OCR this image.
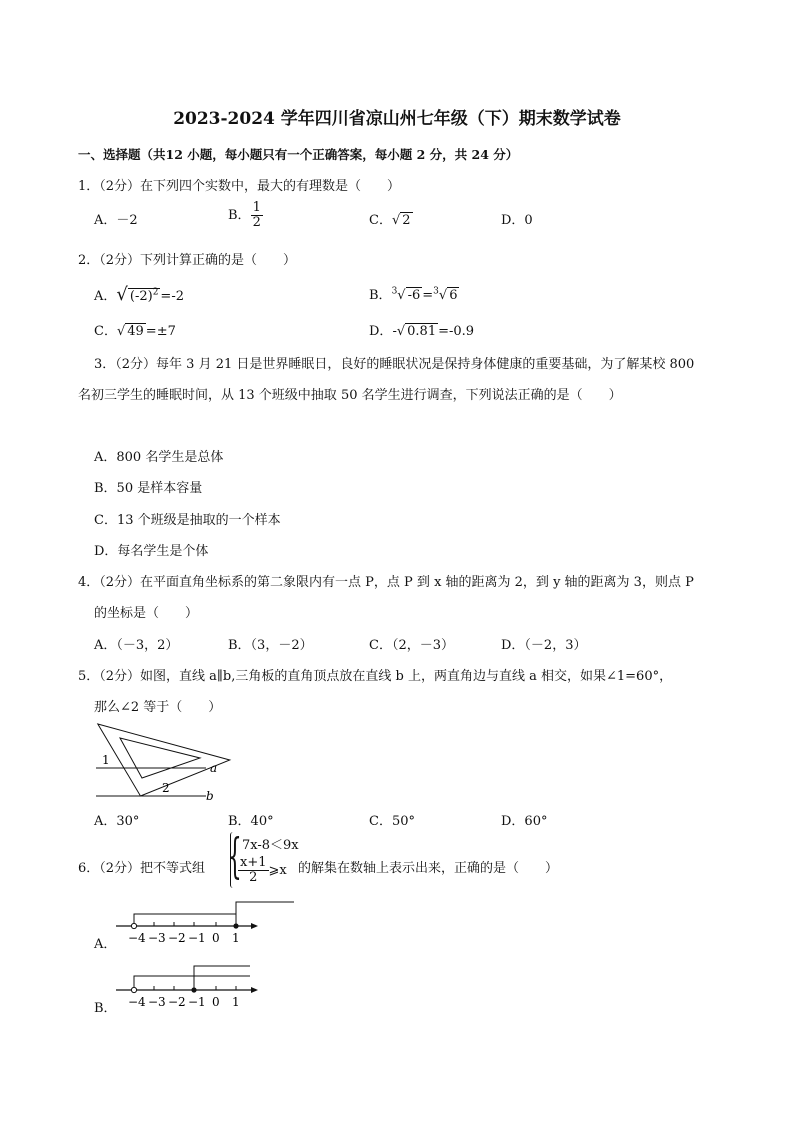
2023-2024 学年四川省凉山州七年级（下）期末数学试卷
一、选择题（共12 小题，每小题只有一个正确答案，每小题 2 分，共 24 分）
1．（2分）在下列四个实数中，最大的有理数是（　　）
A．－2	B． $\frac{1}{2}$	C．√ 2	D．0
2．（2分）下列计算正确的是（　　）
A．√ $(-2)^2 =-2$	B．$^3$√ -6 =$^3$√ 6
C．√ 49 =±7	D．-√ 0.81 =-0.9
3．（2分）每年 3 月 21 日是世界睡眠日，良好的睡眠状况是保持身体健康的重要基础，为了解某校 800
名初三学生的睡眠时间，从 13 个班级中抽取 50 名学生进行调查，下列说法正确的是（　　）
A．800 名学生是总体
B．50 是样本容量
C．13 个班级是抽取的一个样本
D．每名学生是个体
4．（2分）在平面直角坐标系的第二象限内有一点 P，点 P 到 x 轴的距离为 2，到 y 轴的距离为 3，则点 P
的坐标是（　　）
A．（－3，2）	B．（3，－2）	C．（2，－3）	D．（－2，3）
5．（2分）如图，直线 a∥b,三角板的直角顶点放在直线 b 上，两直角边与直线 a 相交，如果∠1=60°，
那么∠2 等于（　　）
1
2
a
b
A．30°	B．40°	C．50°	D．60°
6．（2分）把不等式组 { 7x-8＜9x
$\frac{x+1}{2}$ ⩾x 的解集在数轴上表示出来，正确的是（　　）
A． −4 −3 −2 −1 0 1
B． −4 −3 −2 −1 0 1
